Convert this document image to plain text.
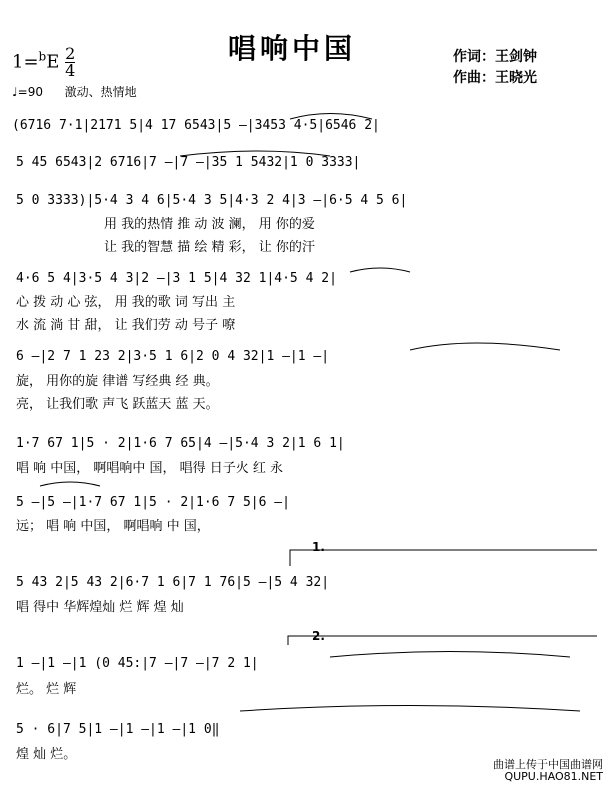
唱响中国
$1=^bE \frac{2}{4}$
♩=90 激动、热情地
作词：王剑钟
作曲：王晓光
(6716 7·1|2171 5|4 17 6543|5 —|3453 4·5|6546 2|
5 45 6543|2 6716|7 —|7 —|35 1 5432|1 0 3333|
5 0 3333)|5·4 3 4 6|5·4 3 5|4·3 2 4|3 —|6·5 4 5 6|
用 我的热情 推 动 波 澜， 用 你的爱
让 我的智慧 描 绘 精 彩， 让 你的汗
4·6 5 4|3·5 4 3|2 —|3 1 5|4 32 1|4·5 4 2|
心 拨 动 心 弦， 用 我的歌 词 写出 主
水 流 淌 甘 甜， 让 我们劳 动 号子 嘹
6 —|2 7 1 23 2|3·5 1 6|2 0 4 32|1 —|1 —|
旋， 用你的旋 律谱 写经典 经 典。
亮， 让我们歌 声飞 跃蓝天 蓝 天。
1·7 67 1|5 · 2|1·6 7 65|4 —|5·4 3 2|1 6 1|
唱 响 中国， 啊唱响中 国， 唱得 日子火 红 永
5 —|5 —|1·7 67 1|5 · 2|1·6 7 5|6 —|
远； 唱 响 中国， 啊唱响 中 国，
1.
5 43 2|5 43 2|6·7 1 6|7 1 76|5 —|5 4 32|
唱 得中 华辉煌灿 烂 辉 煌 灿
2.
1 —|1 —|1 (0 45:|7 —|7 —|7 2 1|
烂。 烂 辉
5 · 6|7 5|1 —|1 —|1 —|1 0‖
煌 灿 烂。
曲谱上传于中国曲谱网
QUPU.HAO81.NET
